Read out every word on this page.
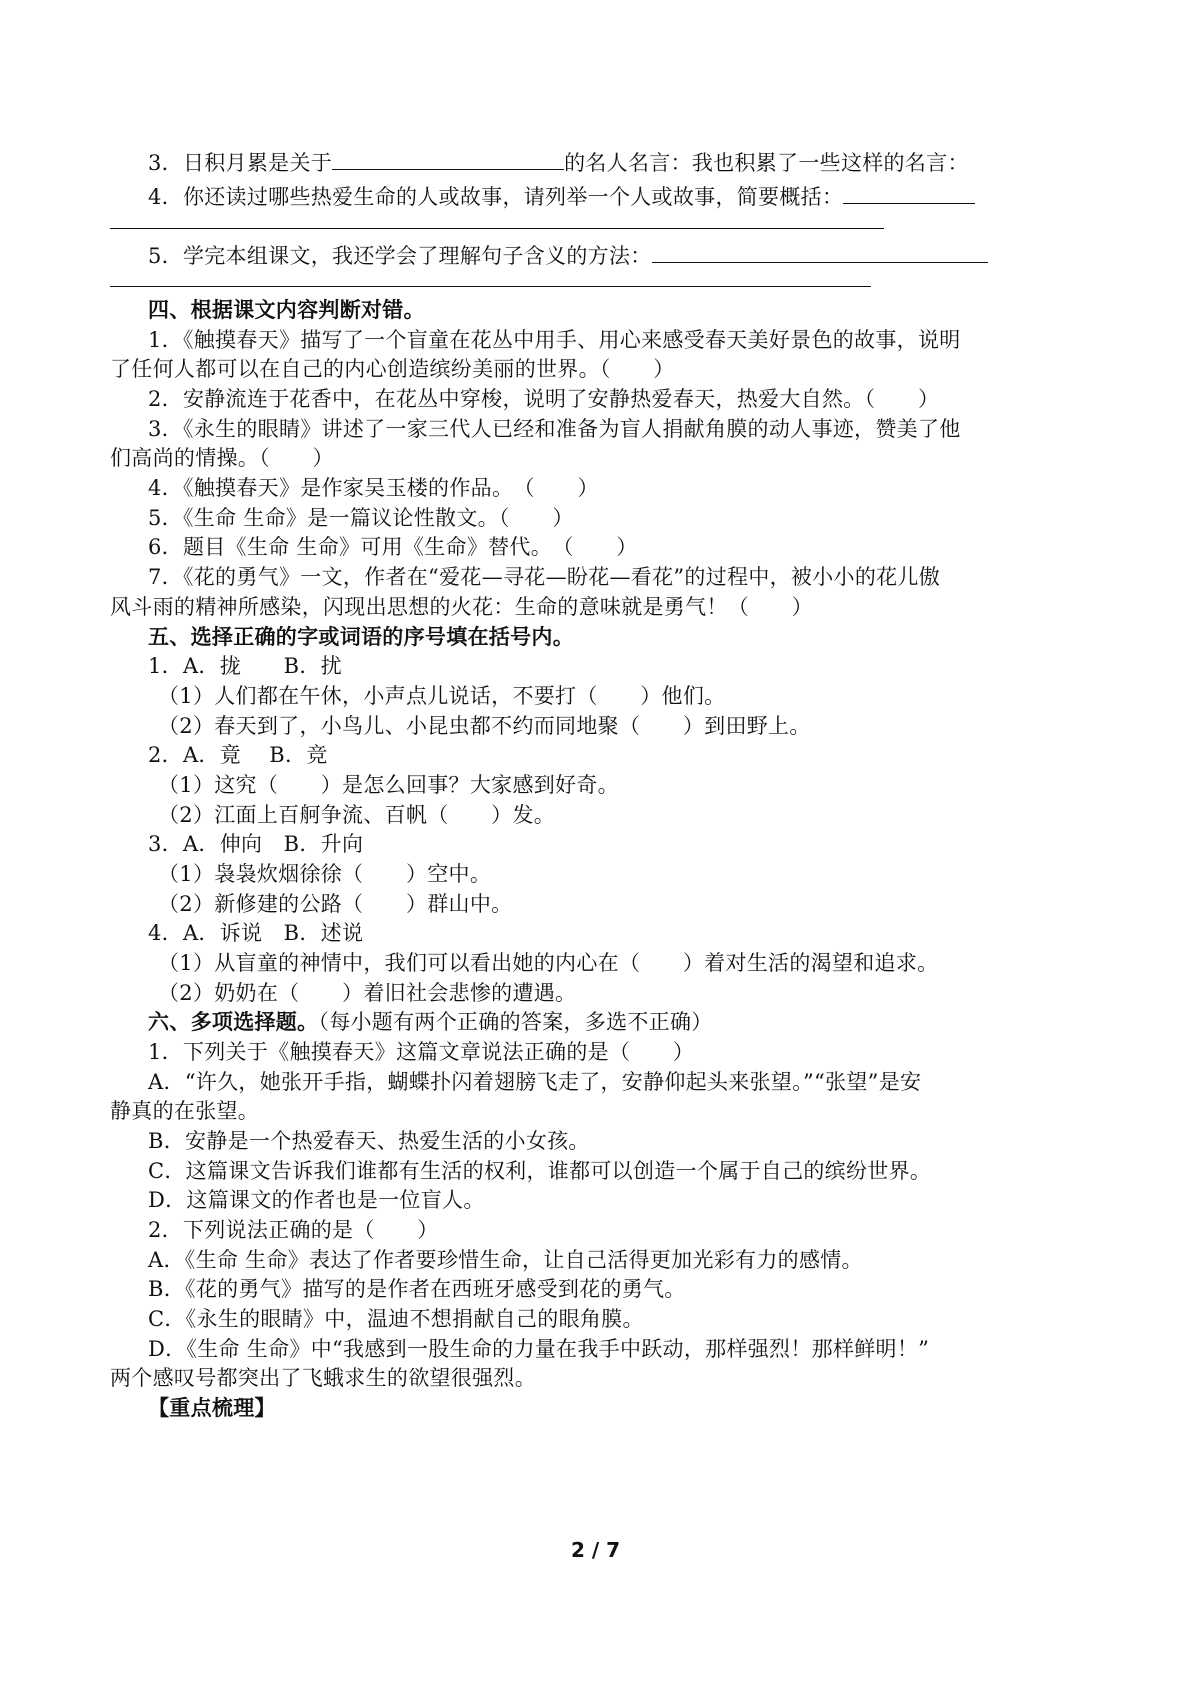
3．日积月累是关于	的名人名言：我也积累了一些这样的名言：
4．你还读过哪些热爱生命的人或故事，请列举一个人或故事，简要概括：
5．学完本组课文，我还学会了理解句子含义的方法：
四、根据课文内容判断对错。
1．《触摸春天》描写了一个盲童在花丛中用手、用心来感受春天美好景色的故事，说明
了任何人都可以在自己的内心创造缤纷美丽的世界。（　　）
2．安静流连于花香中，在花丛中穿梭，说明了安静热爱春天，热爱大自然。（　　）
3．《永生的眼睛》讲述了一家三代人已经和准备为盲人捐献角膜的动人事迹，赞美了他
们高尚的情操。（　　）
4．《触摸春天》是作家吴玉楼的作品。　（　　）
5．《生命 生命》是一篇议论性散文。（　　）
6．题目《生命 生命》可用《生命》替代。　（　　）
7．《花的勇气》一文，作者在“爱花—寻花—盼花—看花”的过程中，被小小的花儿傲
风斗雨的精神所感染，闪现出思想的火花：生命的意味就是勇气！（　　）
五、选择正确的字或词语的序号填在括号内。
1．A．拢　　B．扰
（1）人们都在午休，小声点儿说话，不要打（　　）他们。
（2）春天到了，小鸟儿、小昆虫都不约而同地聚（　　）到田野上。
2．A．竟　 B．竞
（1）这究（　　）是怎么回事？大家感到好奇。
（2）江面上百舸争流、百帆（　　）发。
3．A．伸向　B．升向
（1）袅袅炊烟徐徐（　　）空中。
（2）新修建的公路（　　）群山中。
4．A．诉说　B．述说
（1）从盲童的神情中，我们可以看出她的内心在（　　）着对生活的渴望和追求。
（2）奶奶在（　　）着旧社会悲惨的遭遇。
六、多项选择题。（每小题有两个正确的答案，多选不正确）
1．下列关于《触摸春天》这篇文章说法正确的是（　　）
A．“许久，她张开手指，蝴蝶扑闪着翅膀飞走了，安静仰起头来张望。”“张望”是安
静真的在张望。
B．安静是一个热爱春天、热爱生活的小女孩。
C．这篇课文告诉我们谁都有生活的权利，谁都可以创造一个属于自己的缤纷世界。
D．这篇课文的作者也是一位盲人。
2．下列说法正确的是（　　）
A．《生命 生命》表达了作者要珍惜生命，让自己活得更加光彩有力的感情。
B．《花的勇气》描写的是作者在西班牙感受到花的勇气。
C．《永生的眼睛》中，温迪不想捐献自己的眼角膜。
D．《生命 生命》中“我感到一股生命的力量在我手中跃动，那样强烈！那样鲜明！”
两个感叹号都突出了飞蛾求生的欲望很强烈。
【重点梳理】
2 / 7
